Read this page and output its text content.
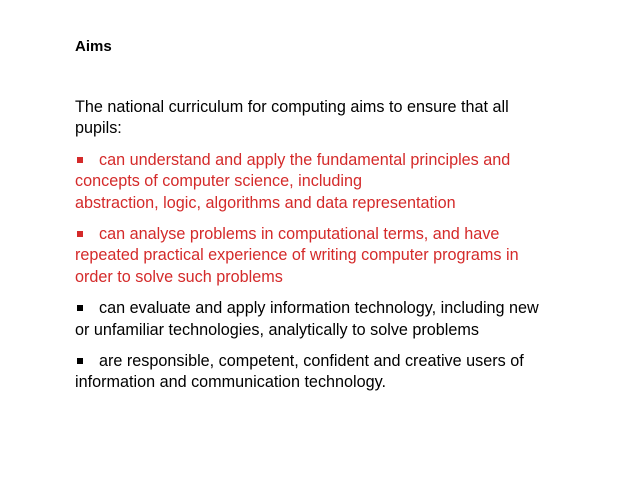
Aims
The national curriculum for computing aims to ensure that all
pupils:
can understand and apply the fundamental principles and
concepts of computer science, including
abstraction, logic, algorithms and data representation
can analyse problems in computational terms, and have
repeated practical experience of writing computer programs in
order to solve such problems
can evaluate and apply information technology, including new
or unfamiliar technologies, analytically to solve problems
are responsible, competent, confident and creative users of
information and communication technology.
